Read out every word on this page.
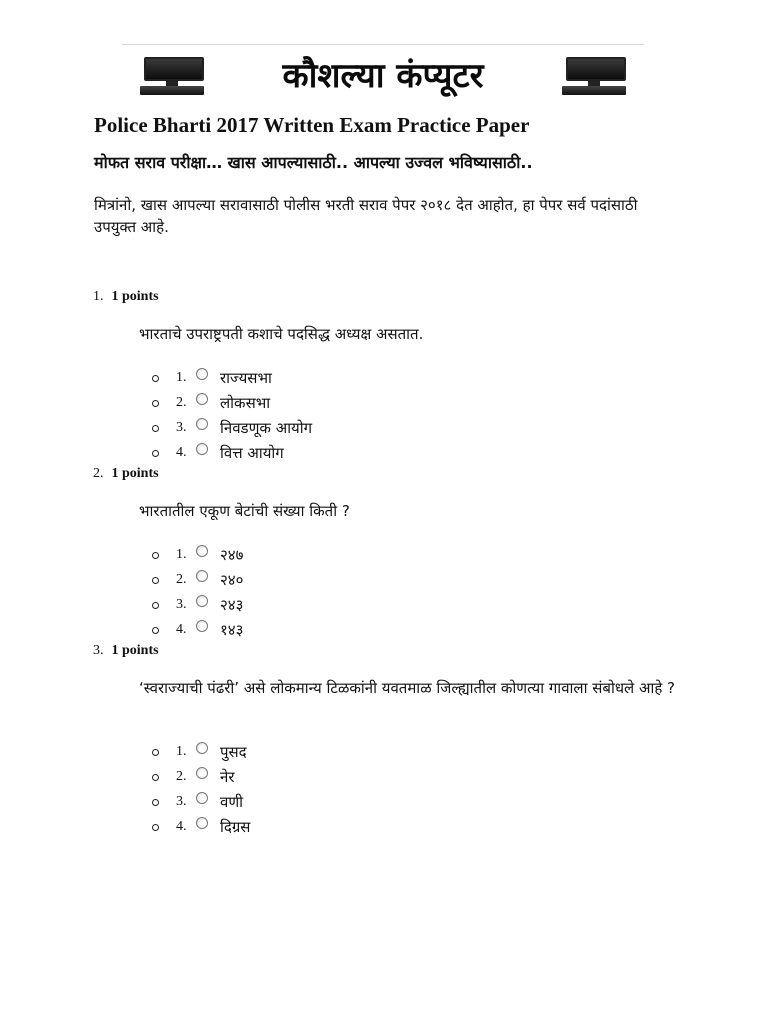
कौशल्या कंप्यूटर
Police Bharti 2017 Written Exam Practice Paper
मोफत सराव परीक्षा… खास आपल्यासाठी.. आपल्या उज्वल भविष्यासाठी..
मित्रांनो, खास आपल्या सरावासाठी पोलीस भरती सराव पेपर २०१८ देत आहोत, हा पेपर सर्व पदांसाठी उपयुक्त आहे.
1. 1 points
भारताचे उपराष्ट्रपती कशाचे पदसिद्ध अध्यक्ष असतात.
1. राज्यसभा
2. लोकसभा
3. निवडणूक आयोग
4. वित्त आयोग
2. 1 points
भारतातील एकूण बेटांची संख्या किती ?
1. २४७
2. २४०
3. २४३
4. १४३
3. 1 points
‘स्वराज्याची पंढरी’ असे लोकमान्य टिळकांनी यवतमाळ जिल्ह्यातील कोणत्या गावाला संबोधले आहे ?
1. पुसद
2. नेर
3. वणी
4. दिग्रस
